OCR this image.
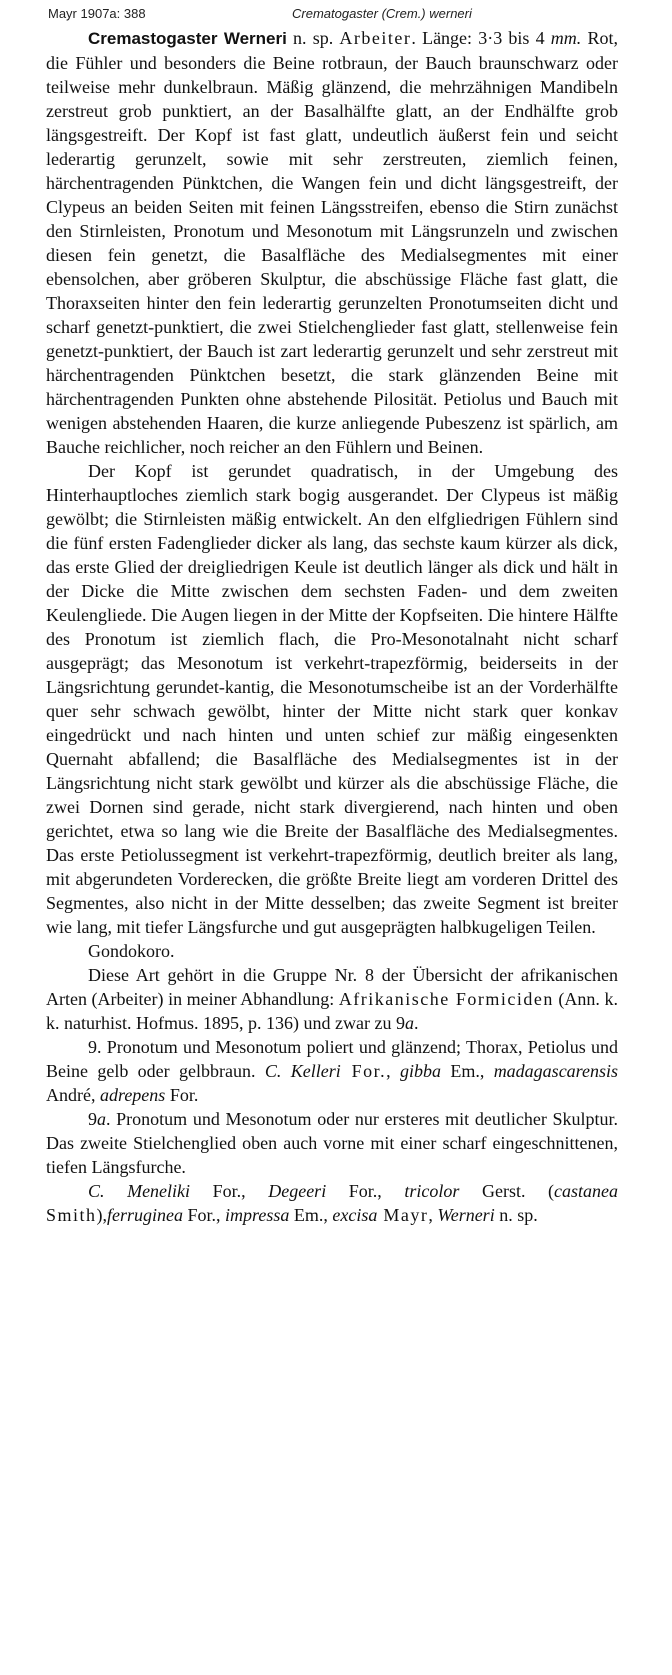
Mayr 1907a: 388	Crematogaster (Crem.) werneri

Cremastogaster Werneri n. sp. Arbeiter. Länge: 3·3 bis 4 mm. Rot, die Fühler und besonders die Beine rotbraun, der Bauch braunschwarz oder teilweise mehr dunkelbraun. Mäßig glänzend, die mehrzähnigen Mandibeln zerstreut grob punktiert, an der Basalhälfte glatt, an der Endhälfte grob längsgestreift. Der Kopf ist fast glatt, undeutlich äußerst fein und seicht lederartig gerunzelt, sowie mit sehr zerstreuten, ziemlich feinen, härchentragenden Pünktchen, die Wangen fein und dicht längsgestreift, der Clypeus an beiden Seiten mit feinen Längsstreifen, ebenso die Stirn zunächst den Stirnleisten, Pronotum und Mesonotum mit Längsrunzeln und zwischen diesen fein genetzt, die Basalfläche des Medialsegmentes mit einer ebensolchen, aber gröberen Skulptur, die abschüssige Fläche fast glatt, die Thoraxseiten hinter den fein lederartig gerunzelten Pronotumseiten dicht und scharf genetzt-punktiert, die zwei Stielchenglieder fast glatt, stellenweise fein genetzt-punktiert, der Bauch ist zart lederartig gerunzelt und sehr zerstreut mit härchentragenden Pünktchen besetzt, die stark glänzenden Beine mit härchentragenden Punkten ohne abstehende Pilosität. Petiolus und Bauch mit wenigen abstehenden Haaren, die kurze anliegende Pubeszenz ist spärlich, am Bauche reichlicher, noch reicher an den Fühlern und Beinen.

Der Kopf ist gerundet quadratisch, in der Umgebung des Hinterhauptloches ziemlich stark bogig ausgerandet. Der Clypeus ist mäßig gewölbt; die Stirnleisten mäßig entwickelt. An den elfgliedrigen Fühlern sind die fünf ersten Fadenglieder dicker als lang, das sechste kaum kürzer als dick, das erste Glied der dreigliedrigen Keule ist deutlich länger als dick und hält in der Dicke die Mitte zwischen dem sechsten Faden- und dem zweiten Keulengliede. Die Augen liegen in der Mitte der Kopfseiten. Die hintere Hälfte des Pronotum ist ziemlich flach, die Pro-Mesonotalnaht nicht scharf ausgeprägt; das Mesonotum ist verkehrt-trapezförmig, beiderseits in der Längsrichtung gerundet-kantig, die Mesonotumscheibe ist an der Vorderhälfte quer sehr schwach gewölbt, hinter der Mitte nicht stark quer konkav eingedrückt und nach hinten und unten schief zur mäßig eingesenkten Quernaht abfallend; die Basalfläche des Medialsegmentes ist in der Längsrichtung nicht stark gewölbt und kürzer als die abschüssige Fläche, die zwei Dornen sind gerade, nicht stark divergierend, nach hinten und oben gerichtet, etwa so lang wie die Breite der Basalfläche des Medialsegmentes. Das erste Petiolussegment ist verkehrt-trapezförmig, deutlich breiter als lang, mit abgerundeten Vorderecken, die größte Breite liegt am vorderen Drittel des Segmentes, also nicht in der Mitte desselben; das zweite Segment ist breiter wie lang, mit tiefer Längsfurche und gut ausgeprägten halbkugeligen Teilen.

Gondokoro.

Diese Art gehört in die Gruppe Nr. 8 der Übersicht der afrikanischen Arten (Arbeiter) in meiner Abhandlung: Afrikanische Formiciden (Ann. k. k. naturhist. Hofmus. 1895, p. 136) und zwar zu 9a.

9. Pronotum und Mesonotum poliert und glänzend; Thorax, Petiolus und Beine gelb oder gelbbraun. C. Kelleri For., gibba Em., madagascarensis André, adrepens For.

9a. Pronotum und Mesonotum oder nur ersteres mit deutlicher Skulptur. Das zweite Stielchenglied oben auch vorne mit einer scharf eingeschnittenen, tiefen Längsfurche.

C. Meneliki For., Degeeri For., tricolor Gerst. (castanea Smith),ferruginea For., impressa Em., excisa Mayr, Werneri n. sp.
